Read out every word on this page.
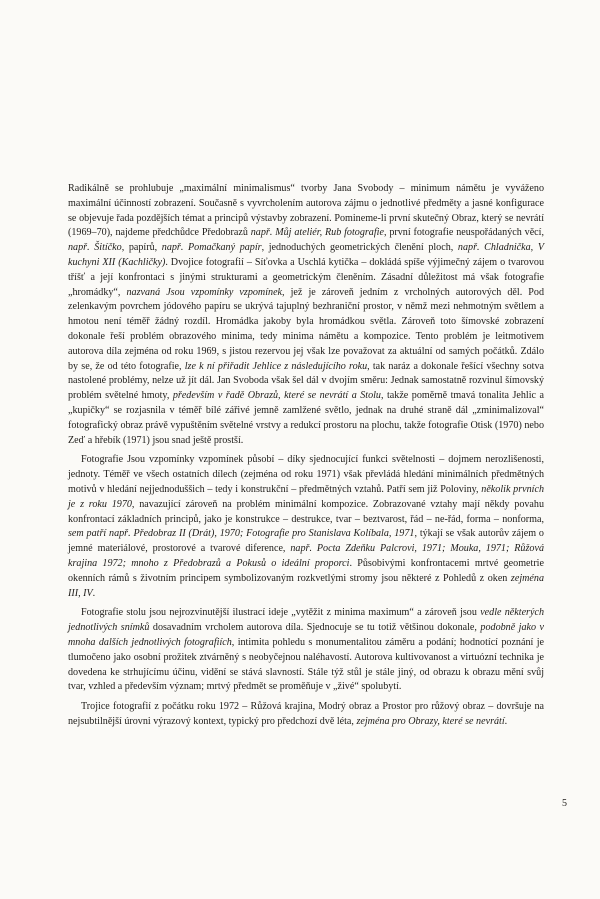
Radikálně se prohlubuje „maximální minimalismus“ tvorby Jana Svobody – minimum námětu je vyváženo maximální účinností zobrazení. Současně s vyvrcholením autorova zájmu o jednotlivé předměty a jasné konfigurace se objevuje řada pozdějších témat a principů výstavby zobrazení. Pomineme-li první skutečný Obraz, který se nevrátí (1969–70), najdeme předchůdce Předobrazů např. Můj ateliér, Rub fotografie, první fotografie neuspořádaných věcí, např. Šitíčko, papírů, např. Pomačkaný papír, jednoduchých geometrických členění ploch, např. Chladnička, V kuchyni XII (Kachličky). Dvojice fotografií – Síťovka a Uschlá kytička – dokládá spíše výjimečný zájem o tvarovou tříšť a její konfrontaci s jinými strukturami a geometrickým členěním. Zásadní důležitost má však fotografie „hromádky“, nazvaná Jsou vzpomínky vzpomínek, jež je zároveň jedním z vrcholných autorových děl. Pod zelenkavým povrchem jódového papíru se ukrývá tajuplný bezhraniční prostor, v němž mezi nehmotným světlem a hmotou není téměř žádný rozdíl. Hromádka jakoby byla hromádkou světla. Zároveň toto šímovské zobrazení dokonale řeší problém obrazového minima, tedy minima námětu a kompozice. Tento problém je leitmotivem autorova díla zejména od roku 1969, s jistou rezervou jej však lze považovat za aktuální od samých počátků. Zdálo by se, že od této fotografie, lze k ní přiřadit Jehlice z následujícího roku, tak naráz a dokonale řešící všechny sotva nastolené problémy, nelze už jít dál. Jan Svoboda však šel dál v dvojím směru: Jednak samostatně rozvinul šímovský problém světelné hmoty, především v řadě Obrazů, které se nevrátí a Stolu, takže poměrně tmavá tonalita Jehlic a „kupičky“ se rozjasnila v téměř bílé zářivé jemně zamlžené světlo, jednak na druhé straně dál „zminimalizoval“ fotografický obraz právě vypuštěním světelné vrstvy a redukcí prostoru na plochu, takže fotografie Otisk (1970) nebo Zeď a hřebík (1971) jsou snad ještě prostší.

Fotografie Jsou vzpomínky vzpomínek působí – díky sjednocující funkci světelnosti – dojmem nerozlišenosti, jednoty. Téměř ve všech ostatních dílech (zejména od roku 1971) však převládá hledání minimálních předmětných motivů v hledání nejjednoduššich – tedy i konstrukční – předmětných vztahů. Patří sem již Poloviny, několik prvních je z roku 1970, navazující zároveň na problém minimální kompozice. Zobrazované vztahy mají někdy povahu konfrontací základních principů, jako je konstrukce – destrukce, tvar – beztvarost, řád – ne-řád, forma – nonforma, sem patří např. Předobraz II (Drát), 1970; Fotografie pro Stanislava Kolíbala, 1971, týkají se však autorův zájem o jemné materiálové, prostorové a tvarové diference, např. Pocta Zdeňku Palcrovi, 1971; Mouka, 1971; Růžová krajina 1972; mnoho z Předobrazů a Pokusů o ideální proporci. Působivými konfrontacemi mrtvé geometrie okenních rámů s životním principem symbolizovaným rozkvetlými stromy jsou některé z Pohledů z oken zejména III, IV.

Fotografie stolu jsou nejrozvinutější ilustrací ideje „vytěžit z minima maximum“ a zároveň jsou vedle některých jednotlivých snímků dosavadním vrcholem autorova díla. Sjednocuje se tu totiž většinou dokonale, podobně jako v mnoha dalších jednotlivých fotografiích, intimita pohledu s monumentalitou záměru a podání; hodnotící poznání je tlumočeno jako osobní prožitek ztvárněný s neobyčejnou naléhavostí. Autorova kultivovanost a virtuózní technika je dovedena ke strhujícímu účinu, vidění se stává slavností. Stále týž stůl je stále jiný, od obrazu k obrazu mění svůj tvar, vzhled a především význam; mrtvý předmět se proměňuje v „živé“ spolubytí.

Trojice fotografií z počátku roku 1972 – Růžová krajina, Modrý obraz a Prostor pro růžový obraz – dovršuje na nejsubtilnější úrovni výrazový kontext, typický pro předchozí dvě léta, zejména pro Obrazy, které se nevrátí.

5
